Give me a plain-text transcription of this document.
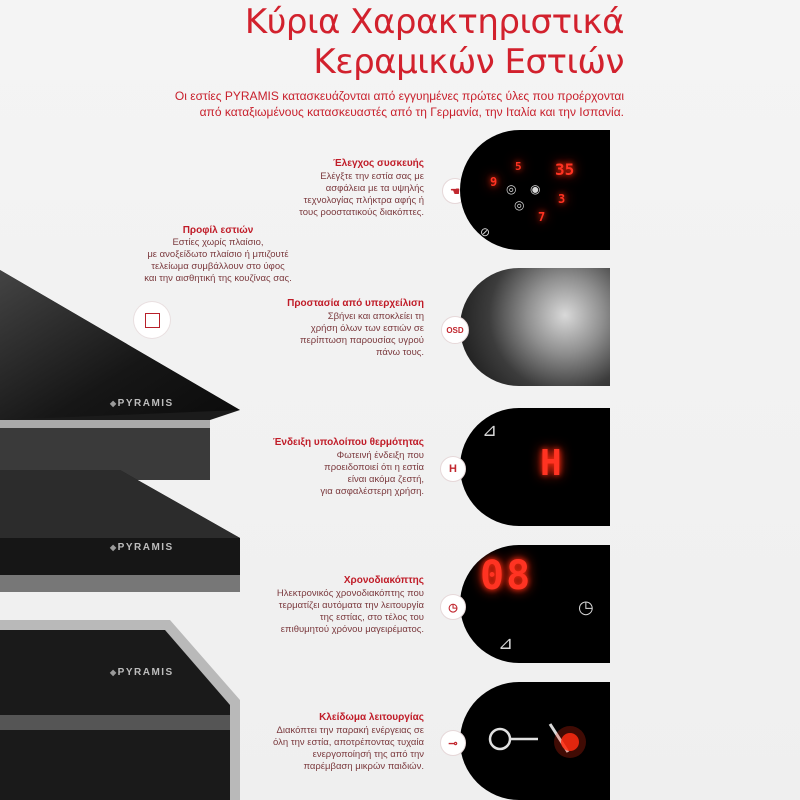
Κύρια Χαρακτηριστικά
Κεραμικών Εστιών
Οι εστίες PYRAMIS κατασκευάζονται από εγγυημένες πρώτες ύλες που προέρχονται
από καταξιωμένους κατασκευαστές από τη Γερμανία, την Ιταλία και την Ισπανία.
◆ PYRAMIS
◆ PYRAMIS
◆ PYRAMIS
Προφίλ εστιών
Εστίες χωρίς πλαίσιο,
με ανοξείδωτο πλαίσιο ή μπιζουτέ
τελείωμα συμβάλλουν στο ύφος
και την αισθητική της κουζίνας σας.
Έλεγχος συσκευής
Ελέγξτε την εστία σας με
ασφάλεια με τα υψηλής
τεχνολογίας πλήκτρα αφής ή
τους ροοστατικούς διακόπτες.
☚
35
9
5
7
3
◎ ◉
◎
⊘
Προστασία από υπερχείλιση
Σβήνει και αποκλείει τη
χρήση όλων των εστιών σε
περίπτωση παρουσίας υγρού
πάνω τους.
OSD
Ένδειξη υπολοίπου θερμότητας
Φωτεινή ένδειξη που
προειδοποιεί ότι η εστία
είναι ακόμα ζεστή,
για ασφαλέστερη χρήση.
⊿
H
H
Χρονοδιακόπτης
Ηλεκτρονικός χρονοδιακόπτης που
τερματίζει αυτόματα την λειτουργία
της εστίας, στο τέλος του
επιθυμητού χρόνου μαγειρέματος.
08
◷
⊿
◷
Κλείδωμα λειτουργίας
Διακόπτει την παρακή ενέργειας σε
όλη την εστία, αποτρέποντας τυχαία
ενεργοποίησή της από την
παρέμβαση μικρών παιδιών.
⊸
